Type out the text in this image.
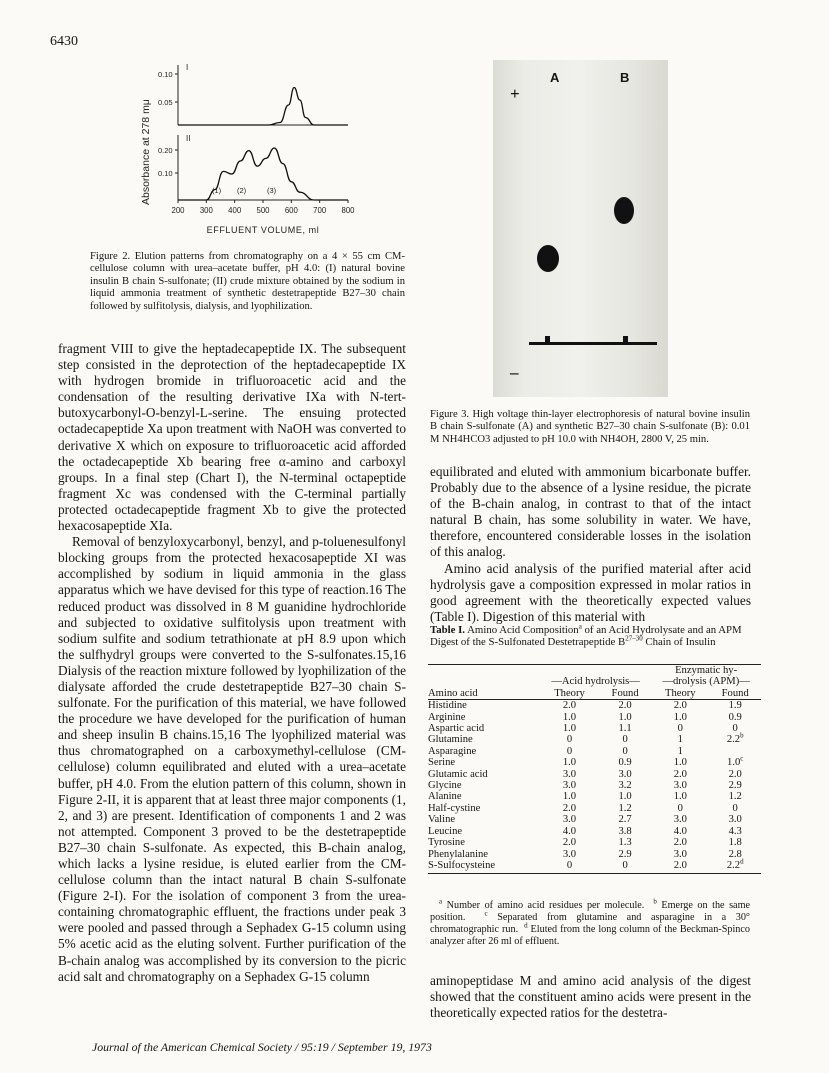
6430
Absorbance at 278 mμ
0.10
0.05
I
0.20
0.10
II
(1) (2)	(3)
200 300 400 500 600 700 800
EFFLUENT VOLUME, ml
Figure 2. Elution patterns from chromatography on a 4 × 55 cm CM-cellulose column with urea–acetate buffer, pH 4.0: (I) natural bovine insulin B chain S-sulfonate; (II) crude mixture obtained by the sodium in liquid ammonia treatment of synthetic destetrapeptide B27–30 chain followed by sulfitolysis, dialysis, and lyophilization.
A	B
+
–
Figure 3. High voltage thin-layer electrophoresis of natural bovine insulin B chain S-sulfonate (A) and synthetic B27–30 chain S-sulfonate (B): 0.01 M NH4HCO3 adjusted to pH 10.0 with NH4OH, 2800 V, 25 min.

fragment VIII to give the heptadecapeptide IX. The subsequent step consisted in the deprotection of the heptadecapeptide IX with hydrogen bromide in trifluoroacetic acid and the condensation of the resulting derivative IXa with N-tert-butoxycarbonyl-O-benzyl-L-serine. The ensuing protected octadecapeptide Xa upon treatment with NaOH was converted to derivative X which on exposure to trifluoroacetic acid afforded the octadecapeptide Xb bearing free α-amino and carboxyl groups. In a final step (Chart I), the N-terminal octapeptide fragment Xc was condensed with the C-terminal partially protected octadecapeptide fragment Xb to give the protected hexacosapeptide XIa.

Removal of benzyloxycarbonyl, benzyl, and p-toluenesulfonyl blocking groups from the protected hexacosapeptide XI was accomplished by sodium in liquid ammonia in the glass apparatus which we have devised for this type of reaction.16 The reduced product was dissolved in 8 M guanidine hydrochloride and subjected to oxidative sulfitolysis upon treatment with sodium sulfite and sodium tetrathionate at pH 8.9 upon which the sulfhydryl groups were converted to the S-sulfonates.15,16 Dialysis of the reaction mixture followed by lyophilization of the dialysate afforded the crude destetrapeptide B27–30 chain S-sulfonate. For the purification of this material, we have followed the procedure we have developed for the purification of human and sheep insulin B chains.15,16 The lyophilized material was thus chromatographed on a carboxymethyl-cellulose (CM-cellulose) column equilibrated and eluted with a urea–acetate buffer, pH 4.0. From the elution pattern of this column, shown in Figure 2-II, it is apparent that at least three major components (1, 2, and 3) are present. Identification of components 1 and 2 was not attempted. Component 3 proved to be the destetrapeptide B27–30 chain S-sulfonate. As expected, this B-chain analog, which lacks a lysine residue, is eluted earlier from the CM-cellulose column than the intact natural B chain S-sulfonate (Figure 2-I). For the isolation of component 3 from the urea-containing chromatographic effluent, the fractions under peak 3 were pooled and passed through a Sephadex G-15 column using 5% acetic acid as the eluting solvent. Further purification of the B-chain analog was accomplished by its conversion to the picric acid salt and chromatography on a Sephadex G-15 column

equilibrated and eluted with ammonium bicarbonate buffer. Probably due to the absence of a lysine residue, the picrate of the B-chain analog, in contrast to that of the intact natural B chain, has some solubility in water. We have, therefore, encountered considerable losses in the isolation of this analog.

Amino acid analysis of the purified material after acid hydrolysis gave a composition expressed in molar ratios in good agreement with the theoretically expected values (Table I). Digestion of this material with

Table I. Amino Acid Composition$^a$ of an Acid Hydrolysate and an APM Digest of the S-Sulfonated Destetrapeptide $B^{27-30}$ Chain of Insulin
			Enzymatic hy-	
	—Acid hydrolysis—		—drolysis (APM)—	
Amino acid	Theory	Found	Theory	Found
Histidine	2.0	2.0	2.0	1.9
Arginine	1.0	1.0	1.0	0.9
Aspartic acid	1.0	1.1	0	0
Glutamine	0	0	1	2.2$^b$
Asparagine	0	0	1	
Serine	1.0	0.9	1.0	1.0$^c$
Glutamic acid	3.0	3.0	2.0	2.0
Glycine	3.0	3.2	3.0	2.9
Alanine	1.0	1.0	1.0	1.2
Half-cystine	2.0	1.2	0	0
Valine	3.0	2.7	3.0	3.0
Leucine	4.0	3.8	4.0	4.3
Tyrosine	2.0	1.3	2.0	1.8
Phenylalanine	3.0	2.9	3.0	2.8
S-Sulfocysteine	0	0	2.0	2.2$^d$
$^a$ Number of amino acid residues per molecule.  $^b$ Emerge on the same position.  $^c$ Separated from glutamine and asparagine in a 30° chromatographic run.  $^d$ Eluted from the long column of the Beckman-Spinco analyzer after 26 ml of effluent.

aminopeptidase M and amino acid analysis of the digest showed that the constituent amino acids were present in the theoretically expected ratios for the destetra-

Journal of the American Chemical Society / 95:19 / September 19, 1973
